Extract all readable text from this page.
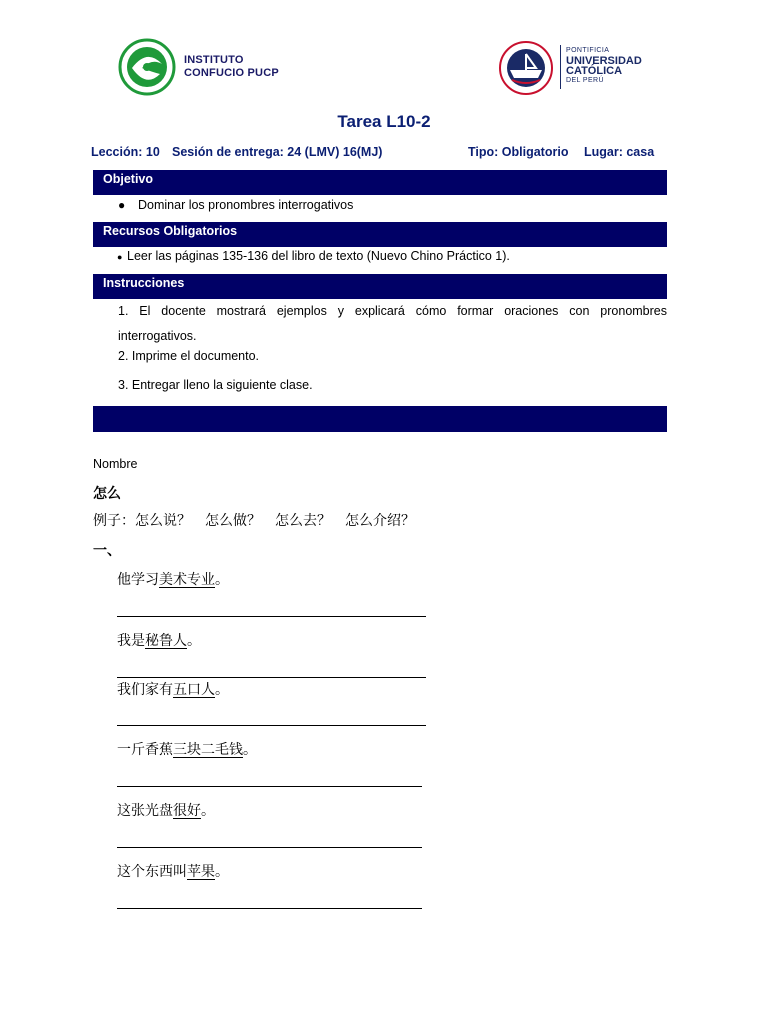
INSTITUTO
CONFUCIO PUCP
PONTIFICIA
UNIVERSIDAD
CATÓLICA
DEL PERÚ
Tarea L10-2
Lección: 10 Sesión de entrega: 24 (LMV) 16(MJ)	Tipo: Obligatorio Lugar: casa
Objetivo
● Dominar los pronombres interrogativos
Recursos Obligatorios
● Leer las páginas 135-136 del libro de texto (Nuevo Chino Práctico 1).
Instrucciones
1. El docente mostrará ejemplos y explicará cómo formar oraciones con pronombres interrogativos.
2. Imprime el documento.
3. Entregar lleno la siguiente clase.
Nombre
怎么
例子：怎么说？　怎么做？　怎么去？　怎么介绍？
一、
他学习美术专业。
我是秘鲁人。
我们家有五口人。
一斤香蕉三块二毛钱。
这张光盘很好。
这个东西叫苹果。
